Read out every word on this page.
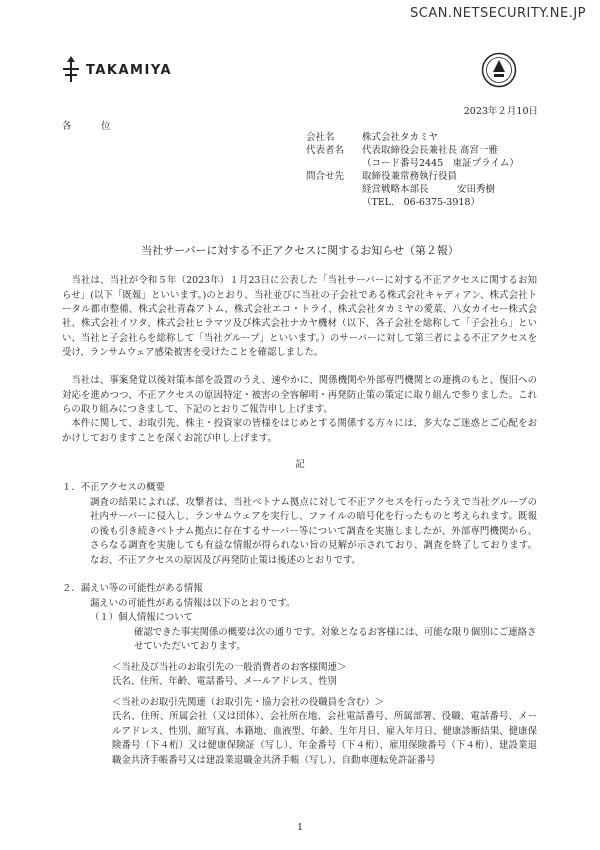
SCAN.NETSECURITY.NE.JP
TAKAMIYA
2023年２月10日
各　位
会社名	株式会社タカミヤ
代表者名	代表取締役会長兼社長 髙宮一雅
（コード番号2445　東証プライム）
問合せ先	取締役兼常務執行役員
経営戦略本部長　　　安田秀樹
（TEL.　06-6375-3918）
当社サーバーに対する不正アクセスに関するお知らせ（第２報）

当社は、当社が令和５年（2023年）１月23日に公表した「当社サーバーに対する不正アクセスに関するお知らせ」(以下「既報」といいます。)のとおり、当社並びに当社の子会社である株式会社キャディアン、株式会社トータル都市整備、株式会社青森アトム、株式会社エコ・トライ、株式会社タカミヤの愛菜、八女カイセー株式会社、株式会社イワタ、株式会社ヒラマツ及び株式会社ナカヤ機材（以下、各子会社を総称して「子会社ら」といい、当社と子会社らを総称して「当社グループ」といいます。）のサーバーに対して第三者による不正アクセスを受け、ランサムウェア感染被害を受けたことを確認しました。

当社は、事案発覚以後対策本部を設置のうえ、速やかに、関係機関や外部専門機関との連携のもと、復旧への対応を進めつつ、不正アクセスの原因特定・被害の全容解明・再発防止策の策定に取り組んで参りました。これらの取り組みにつきまして、下記のとおりご報告申し上げます。

本件に関して、お取引先、株主・投資家の皆様をはじめとする関係する方々には、多大なご迷惑とご心配をおかけしておりますことを深くお詫び申し上げます。

記

１．不正アクセスの概要

調査の結果によれば、攻撃者は、当社ベトナム拠点に対して不正アクセスを行ったうえで当社グループの社内サーバーに侵入し、ランサムウェアを実行し、ファイルの暗号化を行ったものと考えられます。既報の後も引き続きベトナム拠点に存在するサーバー等について調査を実施しましたが、外部専門機関から、さらなる調査を実施しても有益な情報が得られない旨の見解が示されており、調査を終了しております。なお、不正アクセスの原因及び再発防止策は後述のとおりです。

２．漏えい等の可能性がある情報

漏えいの可能性がある情報は以下のとおりです。

（１）個人情報について

確認できた事実関係の概要は次の通りです。対象となるお客様には、可能な限り個別にご連絡させていただいております。

＜当社及び当社のお取引先の一般消費者のお客様関連＞

氏名、住所、年齢、電話番号、メールアドレス、性別

＜当社のお取引先関連（お取引先・協力会社の役職員を含む）＞

氏名、住所、所属会社（又は団体）、会社所在地、会社電話番号、所属部署、役職、電話番号、メールアドレス、性別、顔写真、本籍地、血液型、年齢、生年月日、雇入年月日、健康診断結果、健康保険番号（下４桁）又は健康保険証（写し）、年金番号（下４桁）、雇用保険番号（下４桁）、建設業退職金共済手帳番号又は建設業退職金共済手帳（写し）、自動車運転免許証番号

1
